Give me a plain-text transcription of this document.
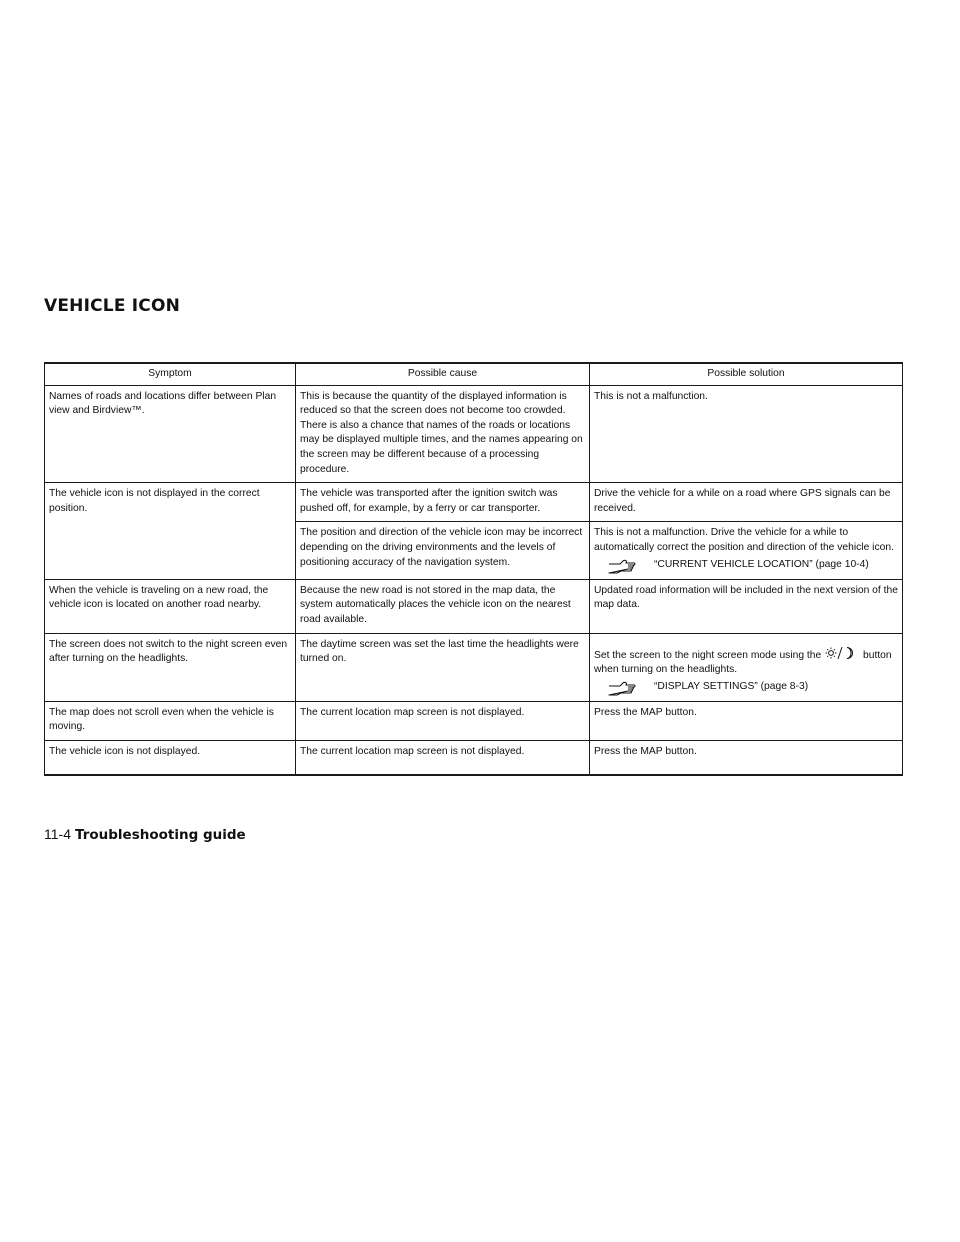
VEHICLE ICON
Symptom	Possible cause	Possible solution
Names of roads and locations differ between Plan view and Birdview™.	This is because the quantity of the displayed information is reduced so that the screen does not become too crowded. There is also a chance that names of the roads or locations may be displayed multiple times, and the names appearing on the screen may be different because of a processing procedure.	This is not a malfunction.
The vehicle icon is not displayed in the correct position.	The vehicle was transported after the ignition switch was pushed off, for example, by a ferry or car transporter.	Drive the vehicle for a while on a road where GPS signals can be received.
	The position and direction of the vehicle icon may be incorrect depending on the driving environments and the levels of positioning accuracy of the navigation system.	This is not a malfunction. Drive the vehicle for a while to automatically correct the position and direction of the vehicle icon.
“CURRENT VEHICLE LOCATION” (page 10-4)

When the vehicle is traveling on a new road, the vehicle icon is located on another road nearby.	Because the new road is not stored in the map data, the system automatically places the vehicle icon on the nearest road available.	Updated road information will be included in the next version of the map data.
The screen does not switch to the night screen even after turning on the headlights.	The daytime screen was set the last time the headlights were turned on.	Set the screen to the night screen mode using the button when turning on the headlights.
“DISPLAY SETTINGS” (page 8-3)

The map does not scroll even when the vehicle is moving.	The current location map screen is not displayed.	Press the MAP button.
The vehicle icon is not displayed.	The current location map screen is not displayed.	Press the MAP button.
11-4 Troubleshooting guide
